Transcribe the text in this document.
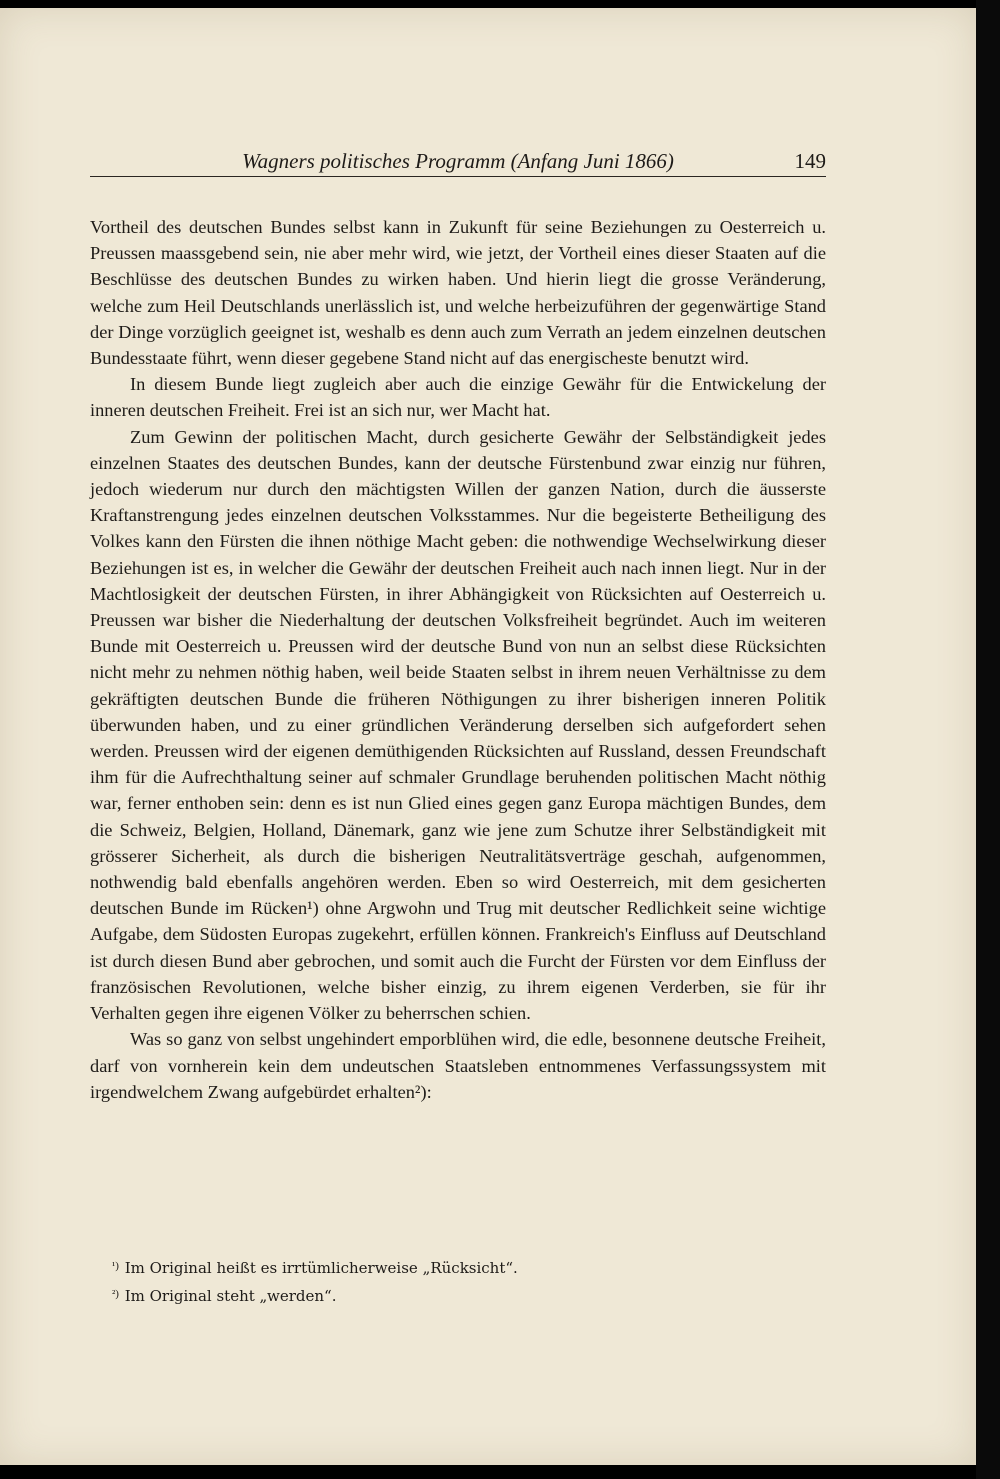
Wagners politisches Programm (Anfang Juni 1866)	149

Vortheil des deutschen Bundes selbst kann in Zukunft für seine Beziehungen zu Oesterreich u. Preussen maassgebend sein, nie aber mehr wird, wie jetzt, der Vortheil eines dieser Staaten auf die Beschlüsse des deutschen Bundes zu wirken haben. Und hierin liegt die grosse Veränderung, welche zum Heil Deutschlands unerlässlich ist, und welche herbeizuführen der gegenwärtige Stand der Dinge vorzüglich geeignet ist, weshalb es denn auch zum Verrath an jedem einzelnen deutschen Bundesstaate führt, wenn dieser gegebene Stand nicht auf das energischeste benutzt wird.

In diesem Bunde liegt zugleich aber auch die einzige Gewähr für die Entwickelung der inneren deutschen Freiheit. Frei ist an sich nur, wer Macht hat.

Zum Gewinn der politischen Macht, durch gesicherte Gewähr der Selbständigkeit jedes einzelnen Staates des deutschen Bundes, kann der deutsche Fürstenbund zwar einzig nur führen, jedoch wiederum nur durch den mächtigsten Willen der ganzen Nation, durch die äusserste Kraftanstrengung jedes einzelnen deutschen Volksstammes. Nur die begeisterte Betheiligung des Volkes kann den Fürsten die ihnen nöthige Macht geben: die nothwendige Wechselwirkung dieser Beziehungen ist es, in welcher die Gewähr der deutschen Freiheit auch nach innen liegt. Nur in der Machtlosigkeit der deutschen Fürsten, in ihrer Abhängigkeit von Rücksichten auf Oesterreich u. Preussen war bisher die Niederhaltung der deutschen Volksfreiheit begründet. Auch im weiteren Bunde mit Oesterreich u. Preussen wird der deutsche Bund von nun an selbst diese Rücksichten nicht mehr zu nehmen nöthig haben, weil beide Staaten selbst in ihrem neuen Verhältnisse zu dem gekräftigten deutschen Bunde die früheren Nöthigungen zu ihrer bisherigen inneren Politik überwunden haben, und zu einer gründlichen Veränderung derselben sich aufgefordert sehen werden. Preussen wird der eigenen demüthigenden Rücksichten auf Russland, dessen Freundschaft ihm für die Aufrechthaltung seiner auf schmaler Grundlage beruhenden politischen Macht nöthig war, ferner enthoben sein: denn es ist nun Glied eines gegen ganz Europa mächtigen Bundes, dem die Schweiz, Belgien, Holland, Dänemark, ganz wie jene zum Schutze ihrer Selbständigkeit mit grösserer Sicherheit, als durch die bisherigen Neutralitätsverträge geschah, aufgenommen, nothwendig bald ebenfalls angehören werden. Eben so wird Oesterreich, mit dem gesicherten deutschen Bunde im Rücken¹) ohne Argwohn und Trug mit deutscher Redlichkeit seine wichtige Aufgabe, dem Südosten Europas zugekehrt, erfüllen können. Frankreich's Einfluss auf Deutschland ist durch diesen Bund aber gebrochen, und somit auch die Furcht der Fürsten vor dem Einfluss der französischen Revolutionen, welche bisher einzig, zu ihrem eigenen Verderben, sie für ihr Verhalten gegen ihre eigenen Völker zu beherrschen schien.

Was so ganz von selbst ungehindert emporblühen wird, die edle, besonnene deutsche Freiheit, darf von vornherein kein dem undeutschen Staatsleben entnommenes Verfassungssystem mit irgendwelchem Zwang aufgebürdet erhalten²):

$^{^1)}$ Im Original heißt es irrtümlicherweise „Rücksicht“.

$^{^2)}$ Im Original steht „werden“.
